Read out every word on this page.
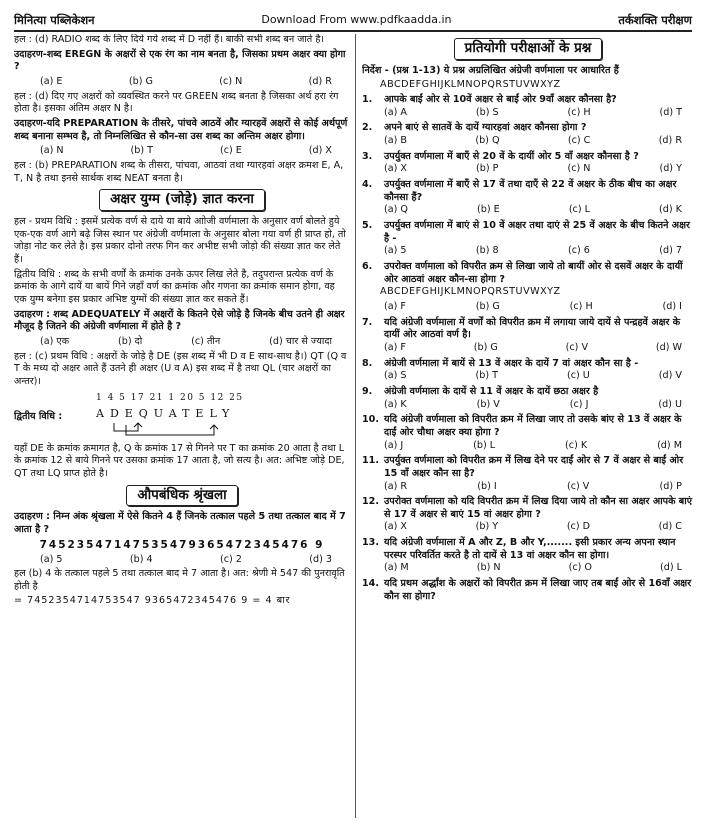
मिनित्या पब्लिकेशन	Download From www.pdfkaadda.in	तर्कशक्ति परीक्षण

हल : (d) RADIO शब्द के लिए दिये गये शब्द में D नहीं हैं। बाकी सभी शब्द बन जाते है।

उदाहरण-शब्द EREGN के अक्षरों से एक रंग का नाम बनता है, जिसका प्रथम अक्षर क्या होगा ?

(a) E	(b) G	(c) N	(d) R

हल : (d) दिए गए अक्षरों को व्यवस्थित करने पर GREEN शब्द बनता है जिसका अर्थ हरा रंग होता है। इसका अंतिम अक्षर N है।

उदाहरण-यदि PREPARATION के तीसरे, पांचवे आठवें और ग्यारहवें अक्षरों से कोई अर्थपूर्ण शब्द बनाना सम्भव है, तो निम्नलिखित से कौन-सा उस शब्द का अन्तिम अक्षर होगा।

(a) N	(b) T	(c) E	(d) X

हल : (b) PREPARATION शब्द के तीसरा, पांचवा, आठवां तथा ग्यारहवां अक्षर क्रमश E, A, T, N है तथा इनसे सार्थक शब्द NEAT बनता है।

अक्षर युग्म (जोड़े) ज्ञात करना

हल - प्रथम विधि : इसमें प्रत्येक वर्ण से दाये या बाये आोजी वर्णमाला के अनुसार वर्ण बोलते हुये एक-एक वर्ण आगे बढ़े जिस स्थान पर अंग्रेजी वर्णमाला के अनुसार बोला गया वर्ण ही प्राप्त हो, तो जोड़ा नोट कर लेते है। इस प्रकार दोनो तरफ गिन कर अभीष्ट सभी जोड़ो की संख्या ज्ञात कर लेते हैं।

द्वितीय विधि : शब्द के सभी वर्णों के क्रमांक उनके ऊपर लिख लेते है, तदुपरान्त प्रत्येक वर्ण के क्रमांक के आगे दायें या बायें गिने जहाँ वर्ण का क्रमांक और गणना का क्रमांक समान होगा, वह एक युग्म बनेगा इस प्रकार अभिष्ट युग्मों की संख्या ज्ञात कर सकते हैं।

उदाहरण : शब्द ADEQUATELY में अक्षरों के कितने ऐसे जोड़े है जिनके बीच उतने ही अक्षर मौजूद है जितने की अंग्रेजी वर्णमाला में होते है ?

(a) एक	(b) दो	(c) तीन	(d) चार से ज्यादा

हल : (c) प्रथम विधि : अक्षरों के जोड़े है DE (इस शब्द में भी D व E साथ-साथ है।) QT (Q व T के मध्य दो अक्षर आते हैं उतने ही अक्षर (U व A) इस शब्द में है तथा QL (चार अक्षरों का अन्तर)।

द्वितीय विधि :
1 4 5 17 21 1 20 5 12 25
ADEQUATELY

यहाँ DE के क्रमांक क्रमागत है, Q के क्रमांक 17 से गिनने पर T का क्रमांक 20 आता है तथा L के क्रमांक 12 से बाये गिनने पर उसका क्रमांक 17 आता है, जो सत्य है। अत: अभिष्ट जोड़े DE, QT तथा LQ प्राप्त होते है।

औपबंधिक श्रृंखला

उदाहरण : निम्न अंक श्रृंखला में ऐसे कितने 4 हैं जिनके तत्काल पहले 5 तथा तत्काल बाद में 7 आता है ?

74523547147535479365472345476 9

(a) 5	(b) 4	(c) 2	(d) 3

हल (b) 4 के तत्काल पहले 5 तथा तत्काल बाद मे 7 आता है। अत: श्रेणी मे 547 की पुनरावृति होती है

= 7452354714753547 9365472345476 9 = 4 बार

प्रतियोगी परीक्षाओं के प्रश्न

निर्देश - (प्रश्न 1-13) ये प्रश्न अग्रलिखित अंग्रेजी वर्णमाला पर आधारित हैं

ABCDEFGHIJKLMNOPQRSTUVWXYZ

1.	आपके बाईं ओर से 10वें अक्षर से बाईं ओर 9वाँ अक्षर कौनसा है?
(a) A	(b) S	(c) H	(d) T
2.	अपने बाएं से सातवें के दायें ग्यारहवां अक्षर कौनसा होगा ?
(a) B	(b) Q	(c) C	(d) R
3.	उपर्युक्त वर्णमाला में बाएँ से 20 वें के दायीं ओर 5 वाँ अक्षर कौनसा है ?
(a) X	(b) P	(c) N	(d) Y
4.	उपर्युक्त वर्णमाला में बाएँ से 17 वें तथा दाएँ से 22 वें अक्षर के ठीक बीच का अक्षर कौनसा हैं?
(a) Q	(b) E	(c) L	(d) K
5.	उपर्युक्त वर्णमाला में बाएं से 10 वें अक्षर तथा दाएं से 25 वें अक्षर के बीच कितने अक्षर है -
(a) 5	(b) 8	(c) 6	(d) 7
6.	उपरोक्त वर्णमाला को विपरीत क्रम से लिखा जाये तो बायीं ओर से दसवें अक्षर के दायीं ओर आठवां अक्षर कौन-सा होगा ?

ABCDEFGHIJKLMNOPQRSTUVWXYZ

(a) F	(b) G	(c) H	(d) I
7.	यदि अंग्रेजी वर्णमाला में वर्णों को विपरीत क्रम में लगाया जाये दायें से पन्द्रहवें अक्षर के दायीं ओर आठवां वर्ण है।
(a) F	(b) G	(c) V	(d) W
8.	अंग्रेजी वर्णमाला में बायें से 13 वें अक्षर के दायें 7 वां अक्षर कौन सा है -
(a) S	(b) T	(c) U	(d) V
9.	अंग्रेजी वर्णमाला के दायें से 11 वें अक्षर के दायें छठा अक्षर है
(a) K	(b) V	(c) J	(d) U
10. यदि अंग्रेजी वर्णमाला को विपरीत क्रम में लिखा जाए तो उसके बांए से 13 वें अक्षर के दाईं ओर चौथा अक्षर क्या होगा ?
(a) J	(b) L	(c) K	(d) M
11. उपर्युक्त वर्णमाला को विपरीत क्रम में लिख देने पर दाईं ओर से 7 वें अक्षर से बाईं ओर 15 वाँ अक्षर कौन सा है?
(a) R	(b) I	(c) V	(d) P
12. उपरोक्त वर्णमाला को यदि विपरीत क्रम में लिख दिया जाये तो कौन सा अक्षर आपके बाएं से 17 वें अक्षर से बाएं 15 वां अक्षर होगा ?
(a) X	(b) Y	(c) D	(d) C
13. यदि अंग्रेजी वर्णमाला में A और Z, B और Y,....... इसी प्रकार अन्य अपना स्थान परस्पर परिवर्तित करते है तो दायें से 13 वां अक्षर कौन सा होगा।
(a) M	(b) N	(c) O	(d) L
14. यदि प्रथम अर्द्धांश के अक्षरों को विपरीत क्रम में लिखा जाए तब बाईं ओर से 16वाँ अक्षर कौन सा होगा?
